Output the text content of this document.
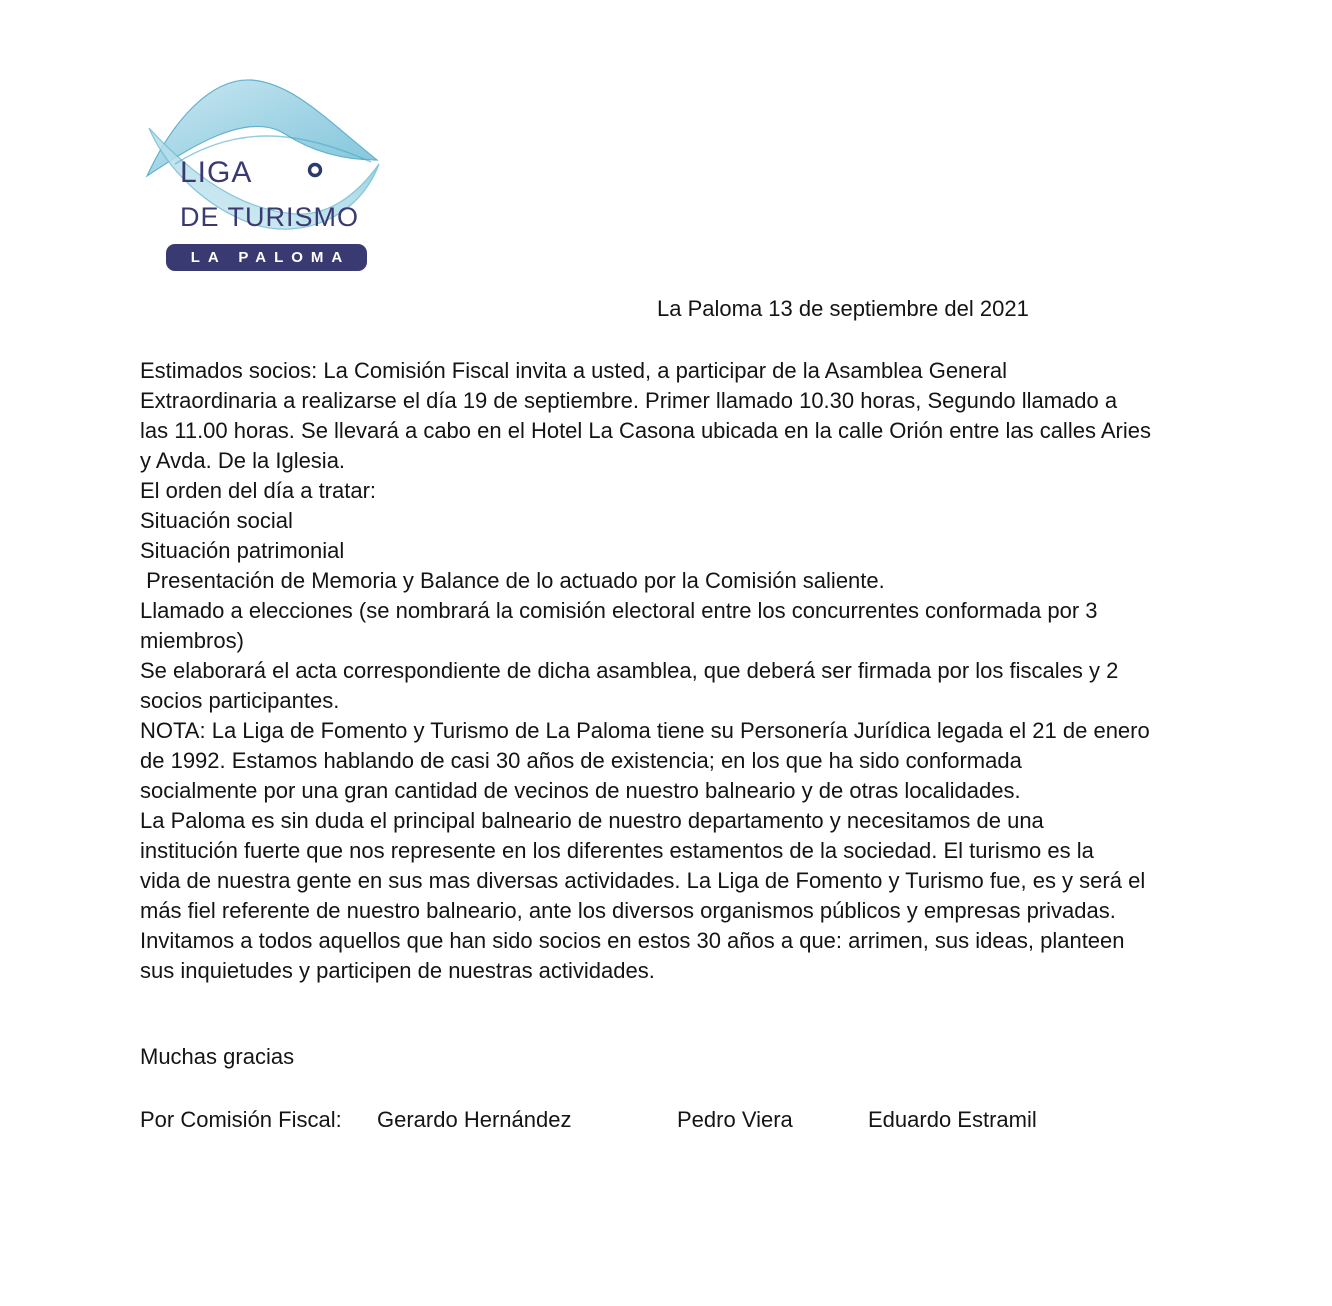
LIGA
DE TURISMO
LA PALOMA
La Paloma 13 de septiembre del 2021
Estimados socios: La Comisión Fiscal invita a usted, a participar de la Asamblea General
Extraordinaria a realizarse el día 19 de septiembre. Primer llamado 10.30 horas, Segundo llamado a
las 11.00 horas. Se llevará a cabo en el Hotel La Casona ubicada en la calle Orión entre las calles Aries
y Avda. De la Iglesia.
El orden del día a tratar:
Situación social
Situación patrimonial
Presentación de Memoria y Balance de lo actuado por la Comisión saliente.
Llamado a elecciones (se nombrará la comisión electoral entre los concurrentes conformada por 3
miembros)
Se elaborará el acta correspondiente de dicha asamblea, que deberá ser firmada por los fiscales y 2
socios participantes.
NOTA: La Liga de Fomento y Turismo de La Paloma tiene su Personería Jurídica legada el 21 de enero
de 1992. Estamos hablando de casi 30 años de existencia; en los que ha sido conformada
socialmente por una gran cantidad de vecinos de nuestro balneario y de otras localidades.
La Paloma es sin duda el principal balneario de nuestro departamento y necesitamos de una
institución fuerte que nos represente en los diferentes estamentos de la sociedad. El turismo es la
vida de nuestra gente en sus mas diversas actividades. La Liga de Fomento y Turismo fue, es y será el
más fiel referente de nuestro balneario, ante los diversos organismos públicos y empresas privadas.
Invitamos a todos aquellos que han sido socios en estos 30 años a que: arrimen, sus ideas, planteen
sus inquietudes y participen de nuestras actividades.
Muchas gracias
Por Comisión Fiscal: Gerardo Hernández	Pedro Viera	Eduardo Estramil
